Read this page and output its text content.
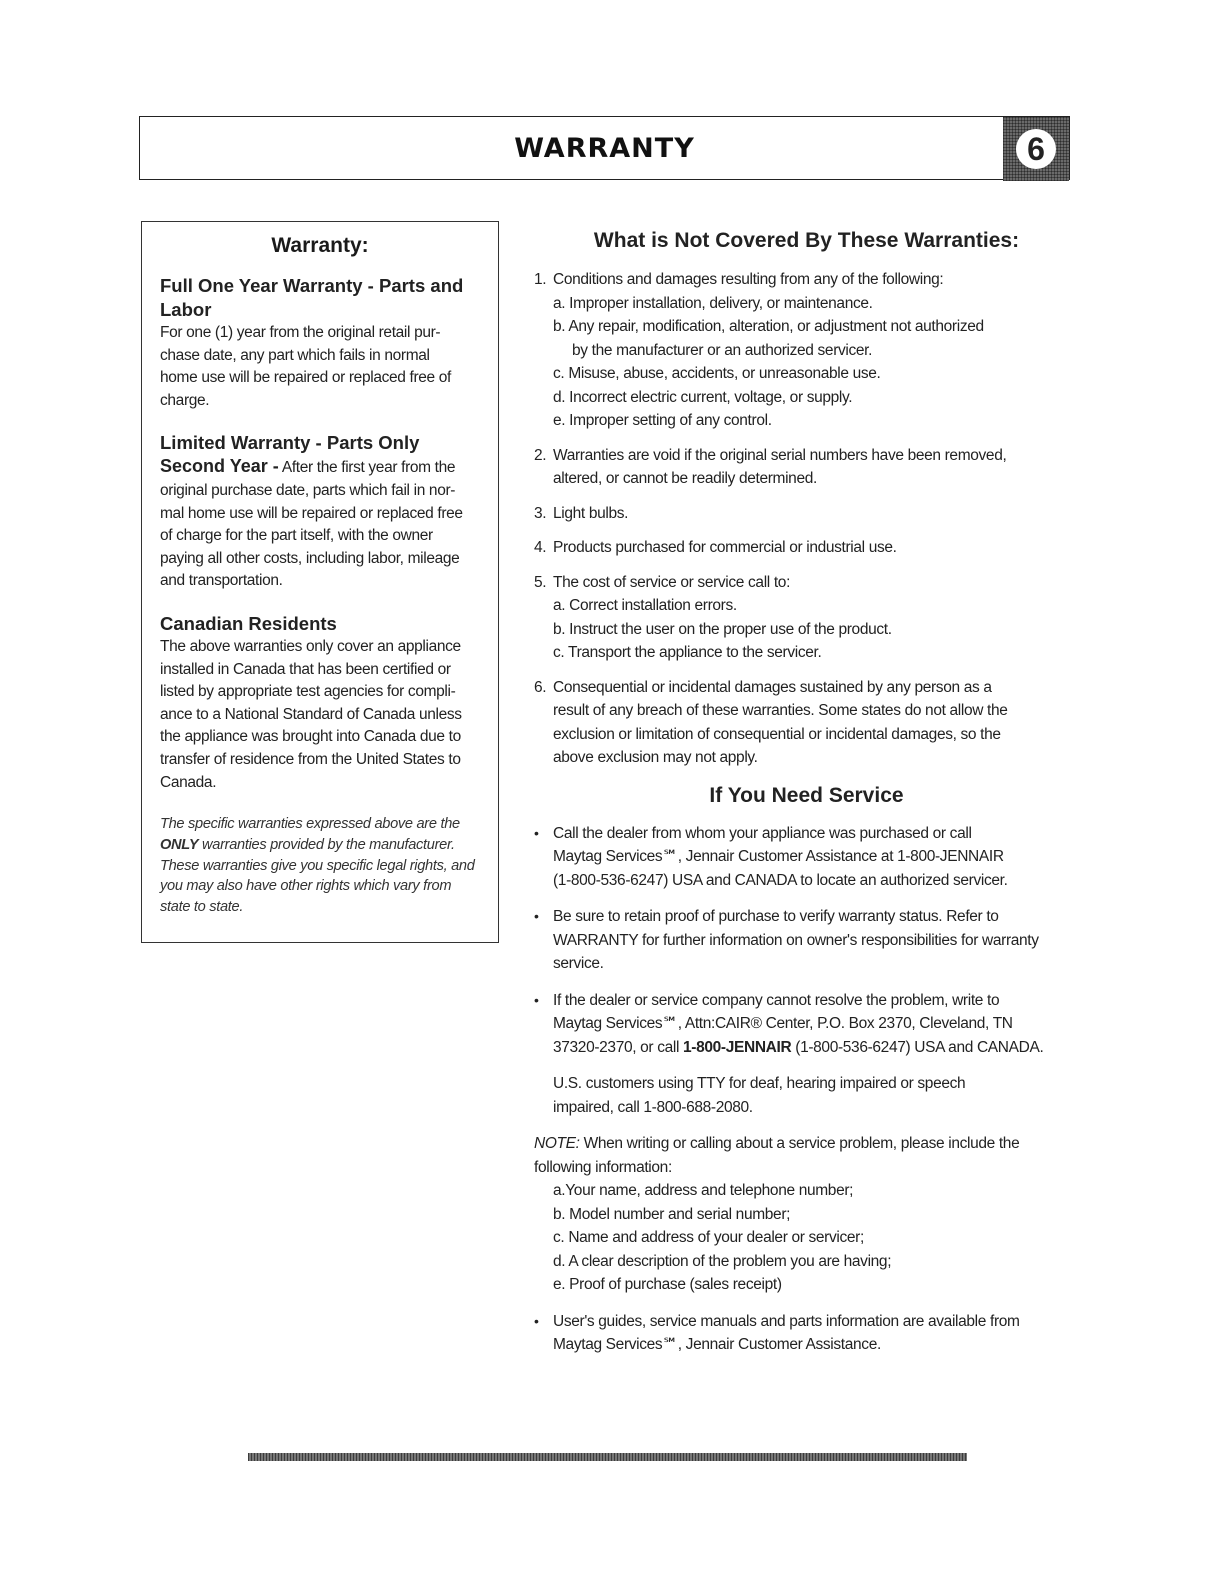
WARRANTY	6
Warranty:

Full One Year Warranty - Parts and Labor

For one (1) year from the original retail pur-
chase date, any part which fails in normal
home use will be repaired or replaced free of
charge.

Limited Warranty - Parts Only

Second Year - After the first year from the
original purchase date, parts which fail in nor-
mal home use will be repaired or replaced free
of charge for the part itself, with the owner
paying all other costs, including labor, mileage
and transportation.

Canadian Residents

The above warranties only cover an appliance
installed in Canada that has been certified or
listed by appropriate test agencies for compli-
ance to a National Standard of Canada unless
the appliance was brought into Canada due to
transfer of residence from the United States to
Canada.

The specific warranties expressed above are the
ONLY warranties provided by the manufacturer.
These warranties give you specific legal rights, and
you may also have other rights which vary from
state to state.

What is Not Covered By These Warranties:
1. Conditions and damages resulting from any of the following:
a. Improper installation, delivery, or maintenance.
b. Any repair, modification, alteration, or adjustment not authorized
by the manufacturer or an authorized servicer.
c. Misuse, abuse, accidents, or unreasonable use.
d. Incorrect electric current, voltage, or supply.
e. Improper setting of any control.
2. Warranties are void if the original serial numbers have been removed,
altered, or cannot be readily determined.
3. Light bulbs.
4. Products purchased for commercial or industrial use.
5. The cost of service or service call to:
a. Correct installation errors.
b. Instruct the user on the proper use of the product.
c. Transport the appliance to the servicer.
6. Consequential or incidental damages sustained by any person as a
result of any breach of these warranties. Some states do not allow the
exclusion or limitation of consequential or incidental damages, so the
above exclusion may not apply.
If You Need Service
• Call the dealer from whom your appliance was purchased or call
Maytag Services℠, Jennair Customer Assistance at 1-800-JENNAIR
(1-800-536-6247) USA and CANADA to locate an authorized servicer.
• Be sure to retain proof of purchase to verify warranty status. Refer to
WARRANTY for further information on owner's responsibilities for warranty
service.
• If the dealer or service company cannot resolve the problem, write to
Maytag Services℠, Attn:CAIR® Center, P.O. Box 2370, Cleveland, TN
37320-2370, or call 1-800-JENNAIR (1-800-536-6247) USA and CANADA.
U.S. customers using TTY for deaf, hearing impaired or speech
impaired, call 1-800-688-2080.
NOTE: When writing or calling about a service problem, please include the
following information:
a.Your name, address and telephone number;
b. Model number and serial number;
c. Name and address of your dealer or servicer;
d. A clear description of the problem you are having;
e. Proof of purchase (sales receipt)
• User's guides, service manuals and parts information are available from
Maytag Services℠, Jennair Customer Assistance.
